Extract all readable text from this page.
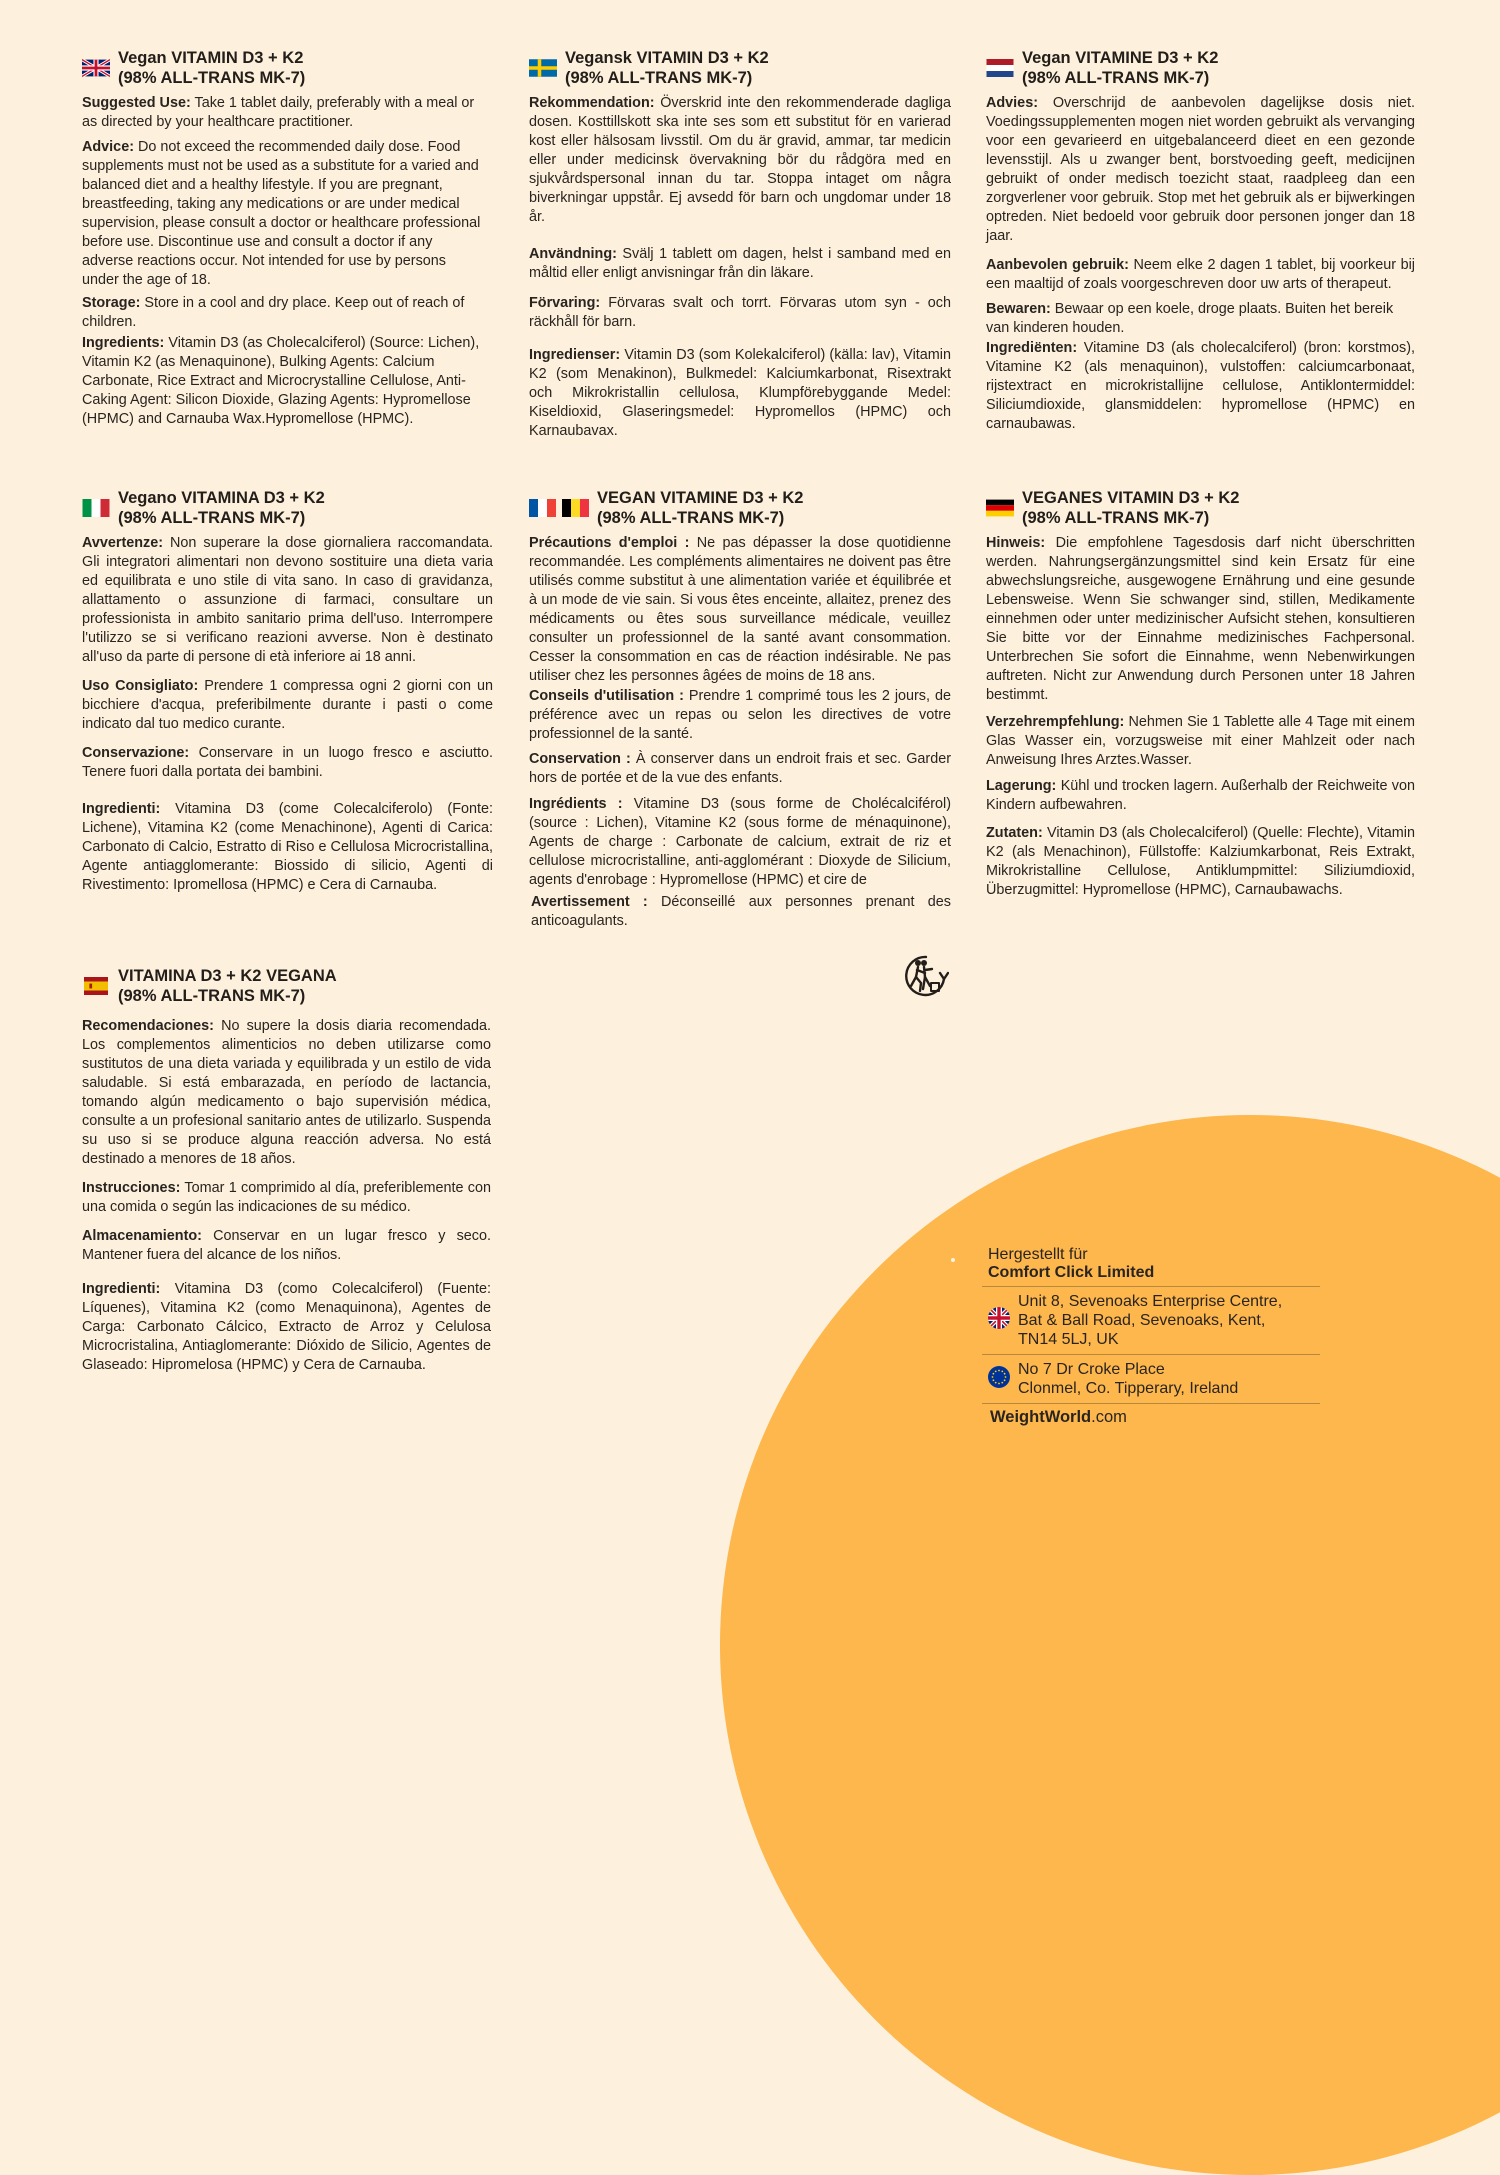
Vegan VITAMIN D3 + K2
(98% ALL-TRANS MK-7)

Suggested Use: Take 1 tablet daily, preferably with a meal or as directed by your healthcare practitioner.

Advice: Do not exceed the recommended daily dose. Food supplements must not be used as a substitute for a varied and balanced diet and a healthy lifestyle. If you are pregnant, breastfeeding, taking any medications or are under medical supervision, please consult a doctor or healthcare professional before use. Discontinue use and consult a doctor if any adverse reactions occur. Not intended for use by persons under the age of 18.

Storage: Store in a cool and dry place. Keep out of reach of children.

Ingredients: Vitamin D3 (as Cholecalciferol) (Source: Lichen), Vitamin K2 (as Menaquinone), Bulking Agents: Calcium Carbonate, Rice Extract and Microcrystalline Cellulose, Anti-Caking Agent: Silicon Dioxide, Glazing Agents: Hypromellose (HPMC) and Carnauba Wax.Hypromellose (HPMC).

Vegansk VITAMIN D3 + K2
(98% ALL-TRANS MK-7)

Rekommendation: Överskrid inte den rekommenderade dagliga dosen. Kosttillskott ska inte ses som ett substitut för en varierad kost eller hälsosam livsstil. Om du är gravid, ammar, tar medicin eller under medicinsk övervakning bör du rådgöra med en sjukvårdspersonal innan du tar. Stoppa intaget om några biverkningar uppstår. Ej avsedd för barn och ungdomar under 18 år.

Användning: Svälj 1 tablett om dagen, helst i samband med en måltid eller enligt anvisningar från din läkare.

Förvaring: Förvaras svalt och torrt. Förvaras utom syn - och räckhåll för barn.

Ingredienser: Vitamin D3 (som Kolekalciferol) (källa: lav), Vitamin K2 (som Menakinon), Bulkmedel: Kalciumkarbonat, Risextrakt och Mikrokristallin cellulosa, Klumpförebyggande Medel: Kiseldioxid, Glaseringsmedel: Hypromellos (HPMC) och Karnaubavax.

Vegan VITAMINE D3 + K2
(98% ALL-TRANS MK-7)

Advies: Overschrijd de aanbevolen dagelijkse dosis niet. Voedingssupplementen mogen niet worden gebruikt als vervanging voor een gevarieerd en uitgebalanceerd dieet en een gezonde levensstijl. Als u zwanger bent, borstvoeding geeft, medicijnen gebruikt of onder medisch toezicht staat, raadpleeg dan een zorgverlener voor gebruik. Stop met het gebruik als er bijwerkingen optreden. Niet bedoeld voor gebruik door personen jonger dan 18 jaar.

Aanbevolen gebruik: Neem elke 2 dagen 1 tablet, bij voorkeur bij een maaltijd of zoals voorgeschreven door uw arts of therapeut.

Bewaren: Bewaar op een koele, droge plaats. Buiten het bereik van kinderen houden.

Ingrediënten: Vitamine D3 (als cholecalciferol) (bron: korstmos), Vitamine K2 (als menaquinon), vulstoffen: calciumcarbonaat, rijstextract en microkristallijne cellulose, Antiklontermiddel: Siliciumdioxide, glansmiddelen: hypromellose (HPMC) en carnaubawas.

Vegano VITAMINA D3 + K2
(98% ALL-TRANS MK-7)

Avvertenze: Non superare la dose giornaliera raccomandata. Gli integratori alimentari non devono sostituire una dieta varia ed equilibrata e uno stile di vita sano. In caso di gravidanza, allattamento o assunzione di farmaci, consultare un professionista in ambito sanitario prima dell'uso. Interrompere l'utilizzo se si verificano reazioni avverse. Non è destinato all'uso da parte di persone di età inferiore ai 18 anni.

Uso Consigliato: Prendere 1 compressa ogni 2 giorni con un bicchiere d'acqua, preferibilmente durante i pasti o come indicato dal tuo medico curante.

Conservazione: Conservare in un luogo fresco e asciutto. Tenere fuori dalla portata dei bambini.

Ingredienti: Vitamina D3 (come Colecalciferolo) (Fonte: Lichene), Vitamina K2 (come Menachinone), Agenti di Carica: Carbonato di Calcio, Estratto di Riso e Cellulosa Microcristallina, Agente antiagglomerante: Biossido di silicio, Agenti di Rivestimento: Ipromellosa (HPMC) e Cera di Carnauba.

VEGAN VITAMINE D3 + K2
(98% ALL-TRANS MK-7)

Précautions d'emploi : Ne pas dépasser la dose quotidienne recommandée. Les compléments alimentaires ne doivent pas être utilisés comme substitut à une alimentation variée et équilibrée et à un mode de vie sain. Si vous êtes enceinte, allaitez, prenez des médicaments ou êtes sous surveillance médicale, veuillez consulter un professionnel de la santé avant consommation. Cesser la consommation en cas de réaction indésirable. Ne pas utiliser chez les personnes âgées de moins de 18 ans.

Conseils d'utilisation : Prendre 1 comprimé tous les 2 jours, de préférence avec un repas ou selon les directives de votre professionnel de la santé.

Conservation : À conserver dans un endroit frais et sec. Garder hors de portée et de la vue des enfants.

Ingrédients : Vitamine D3 (sous forme de Cholécalciférol) (source : Lichen), Vitamine K2 (sous forme de ménaquinone), Agents de charge : Carbonate de calcium, extrait de riz et cellulose microcristalline, anti-agglomérant : Dioxyde de Silicium, agents d'enrobage : Hypromellose (HPMC) et cire de

Avertissement : Déconseillé aux personnes prenant des anticoagulants.

VEGANES VITAMIN D3 + K2
(98% ALL-TRANS MK-7)

Hinweis: Die empfohlene Tagesdosis darf nicht überschritten werden. Nahrungsergänzungsmittel sind kein Ersatz für eine abwechslungsreiche, ausgewogene Ernährung und eine gesunde Lebensweise. Wenn Sie schwanger sind, stillen, Medikamente einnehmen oder unter medizinischer Aufsicht stehen, konsultieren Sie bitte vor der Einnahme medizinisches Fachpersonal. Unterbrechen Sie sofort die Einnahme, wenn Nebenwirkungen auftreten. Nicht zur Anwendung durch Personen unter 18 Jahren bestimmt.

Verzehrempfehlung: Nehmen Sie 1 Tablette alle 4 Tage mit einem Glas Wasser ein, vorzugsweise mit einer Mahlzeit oder nach Anweisung Ihres Arztes.Wasser.

Lagerung: Kühl und trocken lagern. Außerhalb der Reichweite von Kindern aufbewahren.

Zutaten: Vitamin D3 (als Cholecalciferol) (Quelle: Flechte), Vitamin K2 (als Menachinon), Füllstoffe: Kalziumkarbonat, Reis Extrakt, Mikrokristalline Cellulose, Antiklumpmittel: Siliziumdioxid, Überzugmittel: Hypromellose (HPMC), Carnaubawachs.

VITAMINA D3 + K2 VEGANA
(98% ALL-TRANS MK-7)

Recomendaciones: No supere la dosis diaria recomendada. Los complementos alimenticios no deben utilizarse como sustitutos de una dieta variada y equilibrada y un estilo de vida saludable. Si está embarazada, en período de lactancia, tomando algún medicamento o bajo supervisión médica, consulte a un profesional sanitario antes de utilizarlo. Suspenda su uso si se produce alguna reacción adversa. No está destinado a menores de 18 años.

Instrucciones: Tomar 1 comprimido al día, preferiblemente con una comida o según las indicaciones de su médico.

Almacenamiento: Conservar en un lugar fresco y seco. Mantener fuera del alcance de los niños.

Ingredienti: Vitamina D3 (como Colecalciferol) (Fuente: Líquenes), Vitamina K2 (como Menaquinona), Agentes de Carga: Carbonato Cálcico, Extracto de Arroz y Celulosa Microcristalina, Antiaglomerante: Dióxido de Silicio, Agentes de Glaseado: Hipromelosa (HPMC) y Cera de Carnauba.

Hergestellt für
Comfort Click Limited
Unit 8, Sevenoaks Enterprise Centre,
Bat & Ball Road, Sevenoaks, Kent,
TN14 5LJ, UK
No 7 Dr Croke Place
Clonmel, Co. Tipperary, Ireland
WeightWorld.com
